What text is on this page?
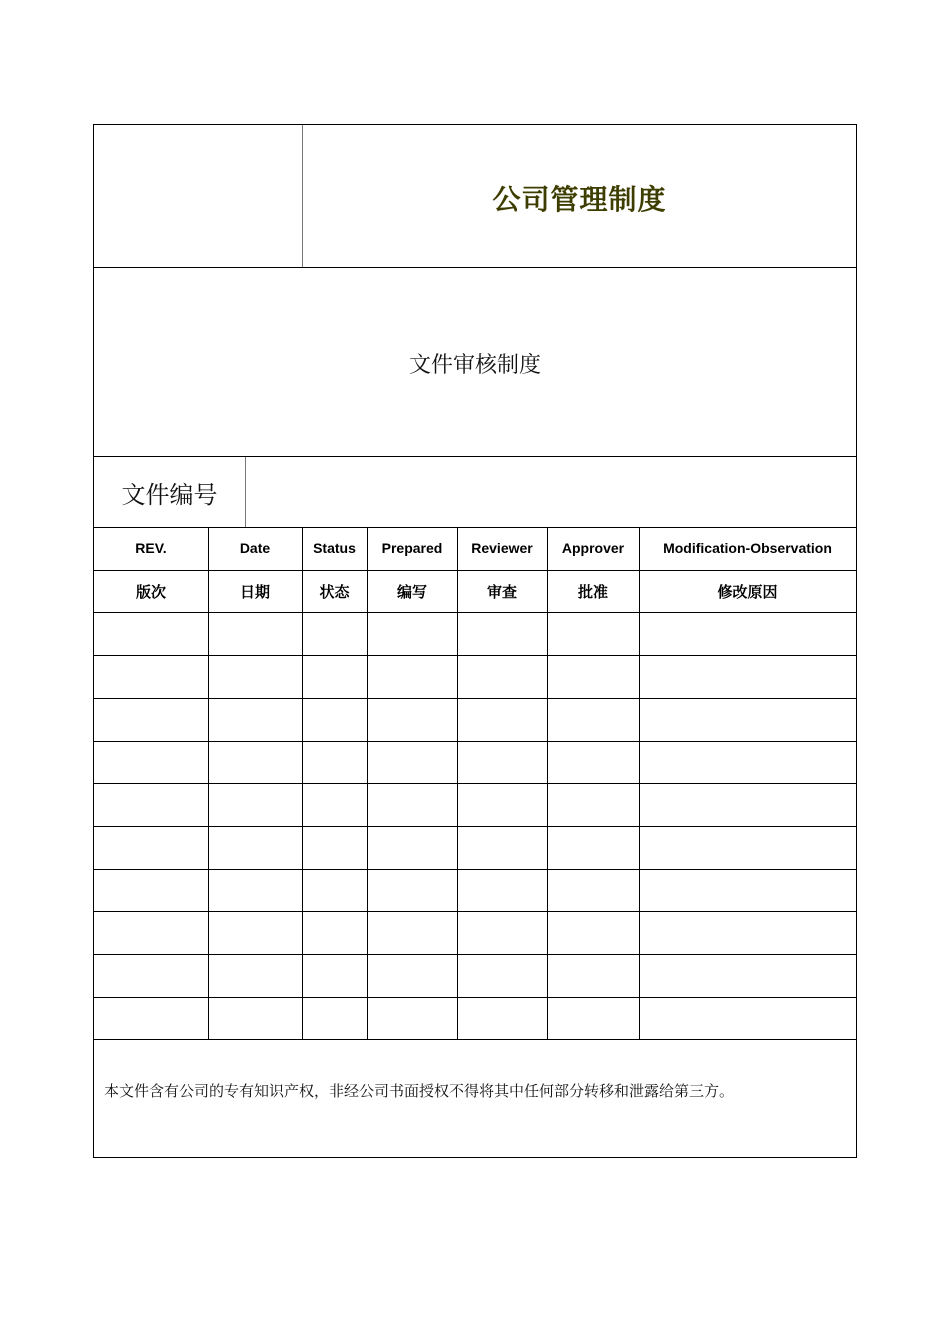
公司管理制度
文件审核制度
文件编号
REV.	Date	Status	Prepared	Reviewer	Approver	Modification-Observation
版次	日期	状态	编写	审查	批准	修改原因
本文件含有公司的专有知识产权，非经公司书面授权不得将其中任何部分转移和泄露给第三方。
